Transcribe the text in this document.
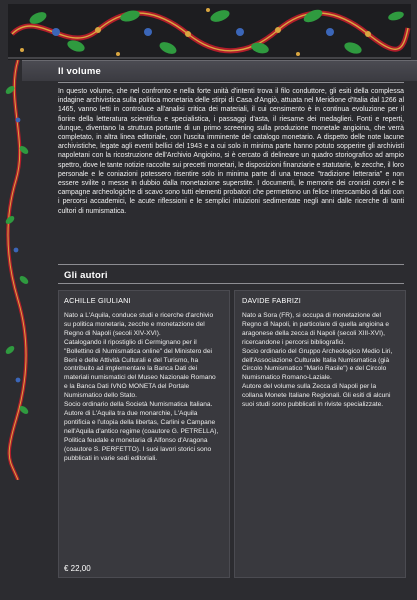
Il volume

In questo volume, che nel confronto e nella forte unità d'intenti trova il filo conduttore, gli esiti della complessa indagine archivistica sulla politica monetaria delle stirpi di Casa d'Angiò, attuata nel Meridione d'Italia dal 1266 al 1465, vanno letti in controluce all'analisi critica dei materiali, il cui censimento è in continua evoluzione per il fiorire della letteratura scientifica e specialistica, i passaggi d'asta, il riesame dei medaglieri. Fonti e reperti, dunque, diventano la struttura portante di un primo screening sulla produzione monetale angioina, che verrà completato, in altra linea editoriale, con l'uscita imminente del catalogo monetario. A dispetto delle note lacune archivistiche, legate agli eventi bellici del 1943 e a cui solo in minima parte hanno potuto sopperire gli archivisti napoletani con la ricostruzione dell'Archivio Angioino, si è cercato di delineare un quadro storiografico ad ampio spettro, dove le tante notizie raccolte sui precetti monetari, le disposizioni finanziarie e statutarie, le zecche, il loro personale e le coniazioni potessero risentire solo in minima parte di una tenace "tradizione letteraria" e non essere svilite o messe in dubbio dalla monetazione superstite. I documenti, le memorie dei cronisti coevi e le campagne archeologiche di scavo sono tutti elementi probatori che permettono un felice interscambio di dati con i percorsi accademici, le acute riflessioni e le semplici intuizioni sedimentate negli anni dalle ricerche di tanti cultori di numismatica.

Gli autori
ACHILLE GIULIANI	DAVIDE FABRIZI

Nato a L'Aquila, conduce studi e ricerche d'archivio su politica monetaria, zecche e monetazione del Regno di Napoli (secoli XIV-XVI).

Catalogando il ripostiglio di Cermignano per il "Bollettino di Numismatica online" del Ministero dei Beni e delle Attività Culturali e del Turismo, ha contribuito ad implementare la Banca Dati dei materiali numismatici del Museo Nazionale Romano e la Banca Dati IVNO MONETA del Portale Numismatico dello Stato.

Socio ordinario della Società Numismatica Italiana.

Autore di L'Aquila tra due monarchie, L'Aquila pontificia e l'utopia della libertas, Carlini e Campane nell'Aquila d'antico regime (coautore G. PETRELLA), Politica feudale e monetaria di Alfonso d'Aragona (coautore S. PERFETTO). I suoi lavori storici sono pubblicati in varie sedi editoriali.

Nato a Sora (FR), si occupa di monetazione del Regno di Napoli, in particolare di quella angioina e aragonese della zecca di Napoli (secoli XIII-XVI), ricercandone i percorsi bibliografici.

Socio ordinario del Gruppo Archeologico Medio Liri, dell'Associazione Culturale Italia Numismatica (già Circolo Numismatico "Mario Rasile") e del Circolo Numismatico Romano-Laziale.

Autore del volume sulla Zecca di Napoli per la collana Monete Italiane Regionali. Gli esiti di alcuni suoi studi sono pubblicati in riviste specializzate.

€ 22,00
